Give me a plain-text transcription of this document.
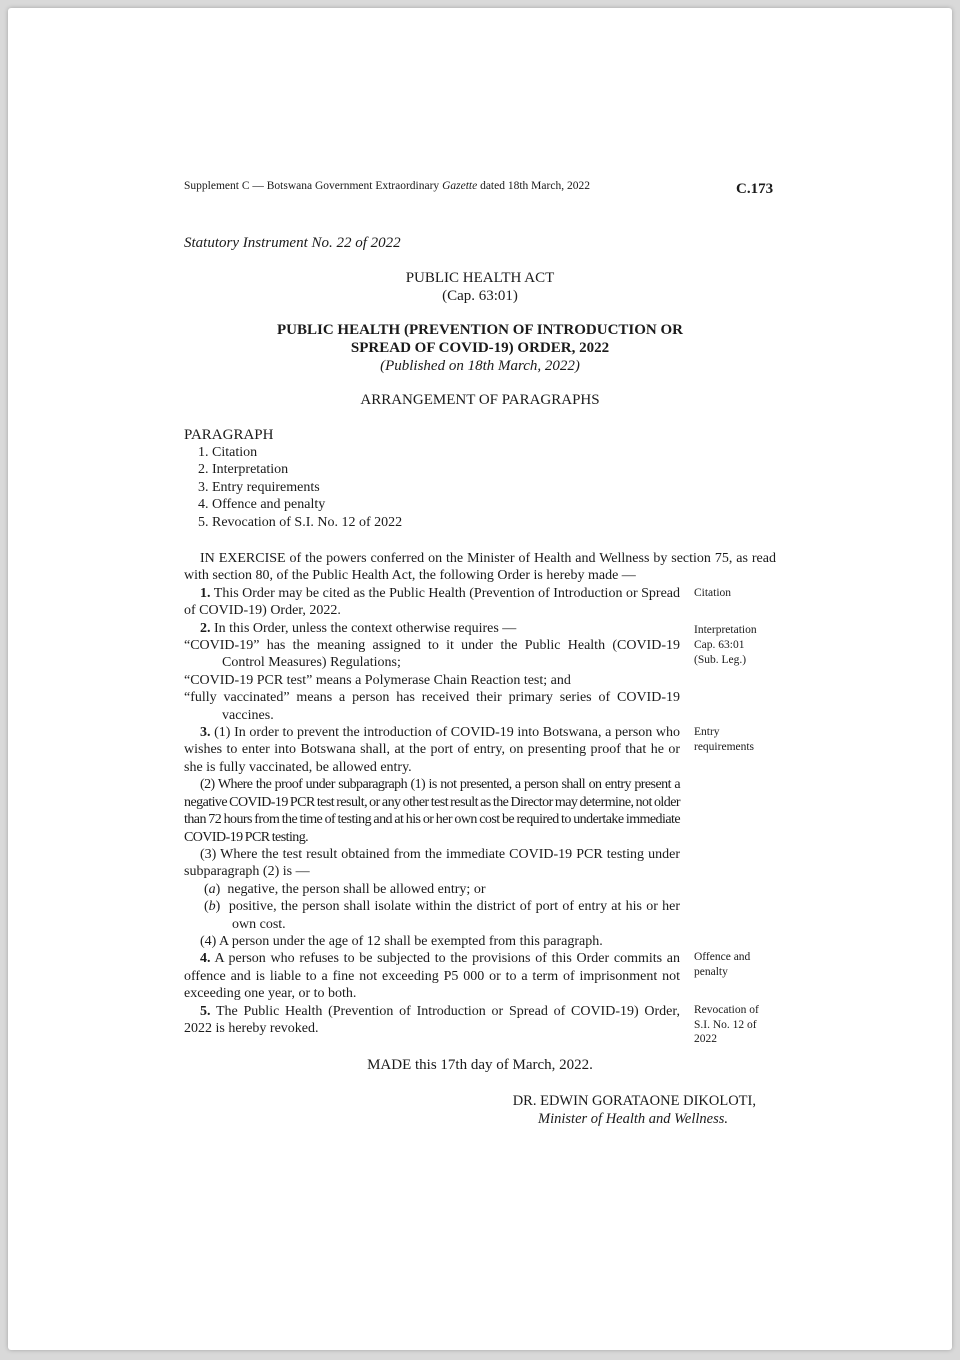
Supplement C — Botswana Government Extraordinary Gazette dated 18th March, 2022	C.173
Statutory Instrument No. 22 of 2022
PUBLIC HEALTH ACT
(Cap. 63:01)
PUBLIC HEALTH (PREVENTION OF INTRODUCTION OR
SPREAD OF COVID-19) ORDER, 2022
(Published on 18th March, 2022)
ARRANGEMENT OF PARAGRAPHS
PARAGRAPH
1. Citation
2. Interpretation
3. Entry requirements
4. Offence and penalty
5. Revocation of S.I. No. 12 of 2022

IN EXERCISE of the powers conferred on the Minister of Health and Wellness by section 75, as read with section 80, of the Public Health Act, the following Order is hereby made —

1. This Order may be cited as the Public Health (Prevention of Introduction or Spread of COVID-19) Order, 2022.

2. In this Order, unless the context otherwise requires —

“COVID-19” has the meaning assigned to it under the Public Health (COVID-19 Control Measures) Regulations;

“COVID-19 PCR test” means a Polymerase Chain Reaction test; and

“fully vaccinated” means a person has received their primary series of COVID-19 vaccines.

3. (1) In order to prevent the introduction of COVID-19 into Botswana, a person who wishes to enter into Botswana shall, at the port of entry, on presenting proof that he or she is fully vaccinated, be allowed entry.

(2) Where the proof under subparagraph (1) is not presented, a person shall on entry present a negative COVID-19 PCR test result, or any other test result as the Director may determine, not older than 72 hours from the time of testing and at his or her own cost be required to undertake immediate COVID-19 PCR testing.

(3) Where the test result obtained from the immediate COVID-19 PCR testing under subparagraph (2) is —

(a)  negative, the person shall be allowed entry; or

(b)  positive, the person shall isolate within the district of port of entry at his or her own cost.

(4) A person under the age of 12 shall be exempted from this paragraph.

4. A person who refuses to be subjected to the provisions of this Order commits an offence and is liable to a fine not exceeding P5 000 or to a term of imprisonment not exceeding one year, or to both.

5. The Public Health (Prevention of Introduction or Spread of COVID-19) Order, 2022 is hereby revoked.

Citation
Interpretation
Cap. 63:01
(Sub. Leg.)
Entry requirements
Offence and penalty
Revocation of S.I. No. 12 of 2022
MADE this 17th day of March, 2022.
DR. EDWIN GORATAONE DIKOLOTI,
Minister of Health and Wellness.
